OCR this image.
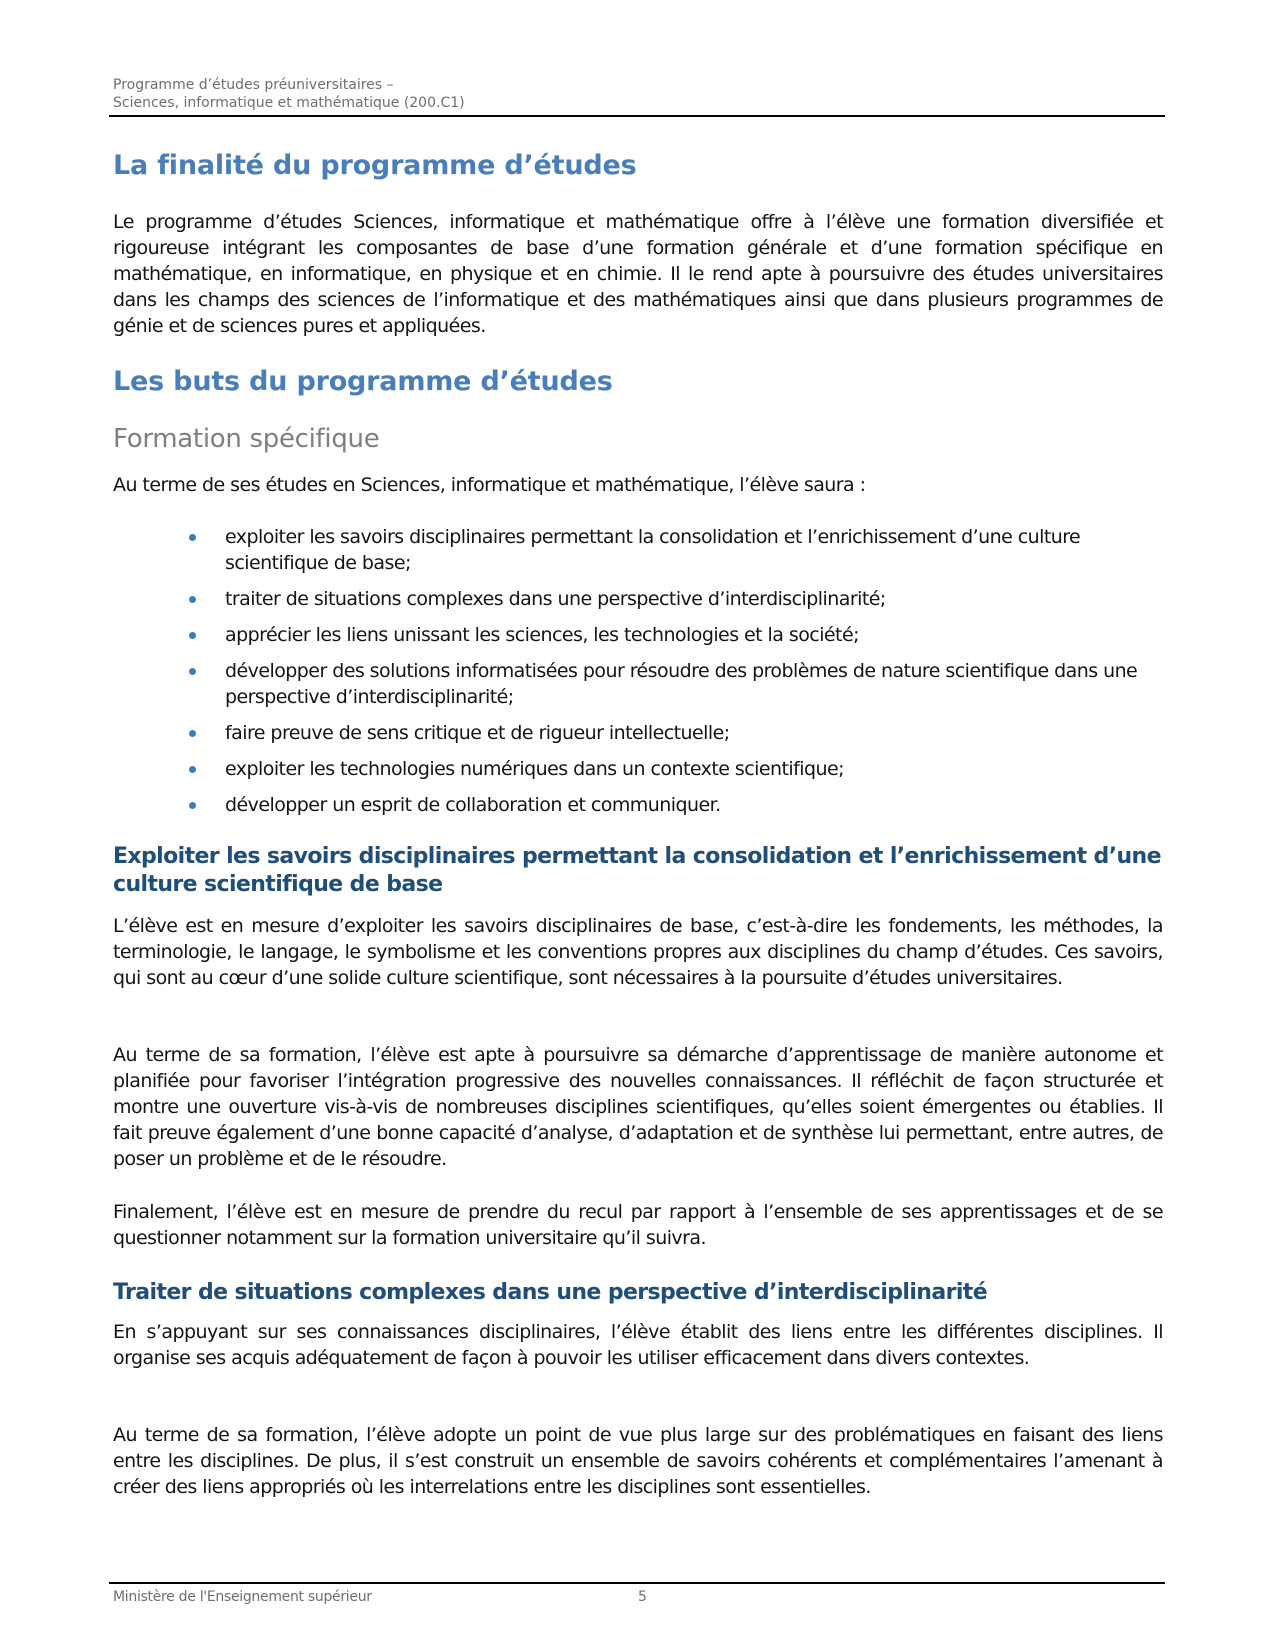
Programme d’études préuniversitaires –
Sciences, informatique et mathématique (200.C1)
La finalité du programme d’études
Le programme d’études Sciences, informatique et mathématique offre à l’élève une formation diversifiée et rigoureuse intégrant les composantes de base d’une formation générale et d’une formation spécifique en mathématique, en informatique, en physique et en chimie. Il le rend apte à poursuivre des études universitaires dans les champs des sciences de l’informatique et des mathématiques ainsi que dans plusieurs programmes de génie et de sciences pures et appliquées.
Les buts du programme d’études
Formation spécifique
Au terme de ses études en Sciences, informatique et mathématique, l’élève saura :
exploiter les savoirs disciplinaires permettant la consolidation et l’enrichissement d’une culture scientifique de base;
traiter de situations complexes dans une perspective d’interdisciplinarité;
apprécier les liens unissant les sciences, les technologies et la société;
développer des solutions informatisées pour résoudre des problèmes de nature scientifique dans une perspective d’interdisciplinarité;
faire preuve de sens critique et de rigueur intellectuelle;
exploiter les technologies numériques dans un contexte scientifique;
développer un esprit de collaboration et communiquer.
Exploiter les savoirs disciplinaires permettant la consolidation et l’enrichissement d’une culture scientifique de base
L’élève est en mesure d’exploiter les savoirs disciplinaires de base, c’est-à-dire les fondements, les méthodes, la terminologie, le langage, le symbolisme et les conventions propres aux disciplines du champ d’études. Ces savoirs, qui sont au cœur d’une solide culture scientifique, sont nécessaires à la poursuite d’études universitaires.
Au terme de sa formation, l’élève est apte à poursuivre sa démarche d’apprentissage de manière autonome et planifiée pour favoriser l’intégration progressive des nouvelles connaissances. Il réfléchit de façon structurée et montre une ouverture vis-à-vis de nombreuses disciplines scientifiques, qu’elles soient émergentes ou établies. Il fait preuve également d’une bonne capacité d’analyse, d’adaptation et de synthèse lui permettant, entre autres, de poser un problème et de le résoudre.
Finalement, l’élève est en mesure de prendre du recul par rapport à l’ensemble de ses apprentissages et de se questionner notamment sur la formation universitaire qu’il suivra.
Traiter de situations complexes dans une perspective d’interdisciplinarité
En s’appuyant sur ses connaissances disciplinaires, l’élève établit des liens entre les différentes disciplines. Il organise ses acquis adéquatement de façon à pouvoir les utiliser efficacement dans divers contextes.
Au terme de sa formation, l’élève adopte un point de vue plus large sur des problématiques en faisant des liens entre les disciplines. De plus, il s’est construit un ensemble de savoirs cohérents et complémentaires l’amenant à créer des liens appropriés où les interrelations entre les disciplines sont essentielles.
Ministère de l'Enseignement supérieur	5
